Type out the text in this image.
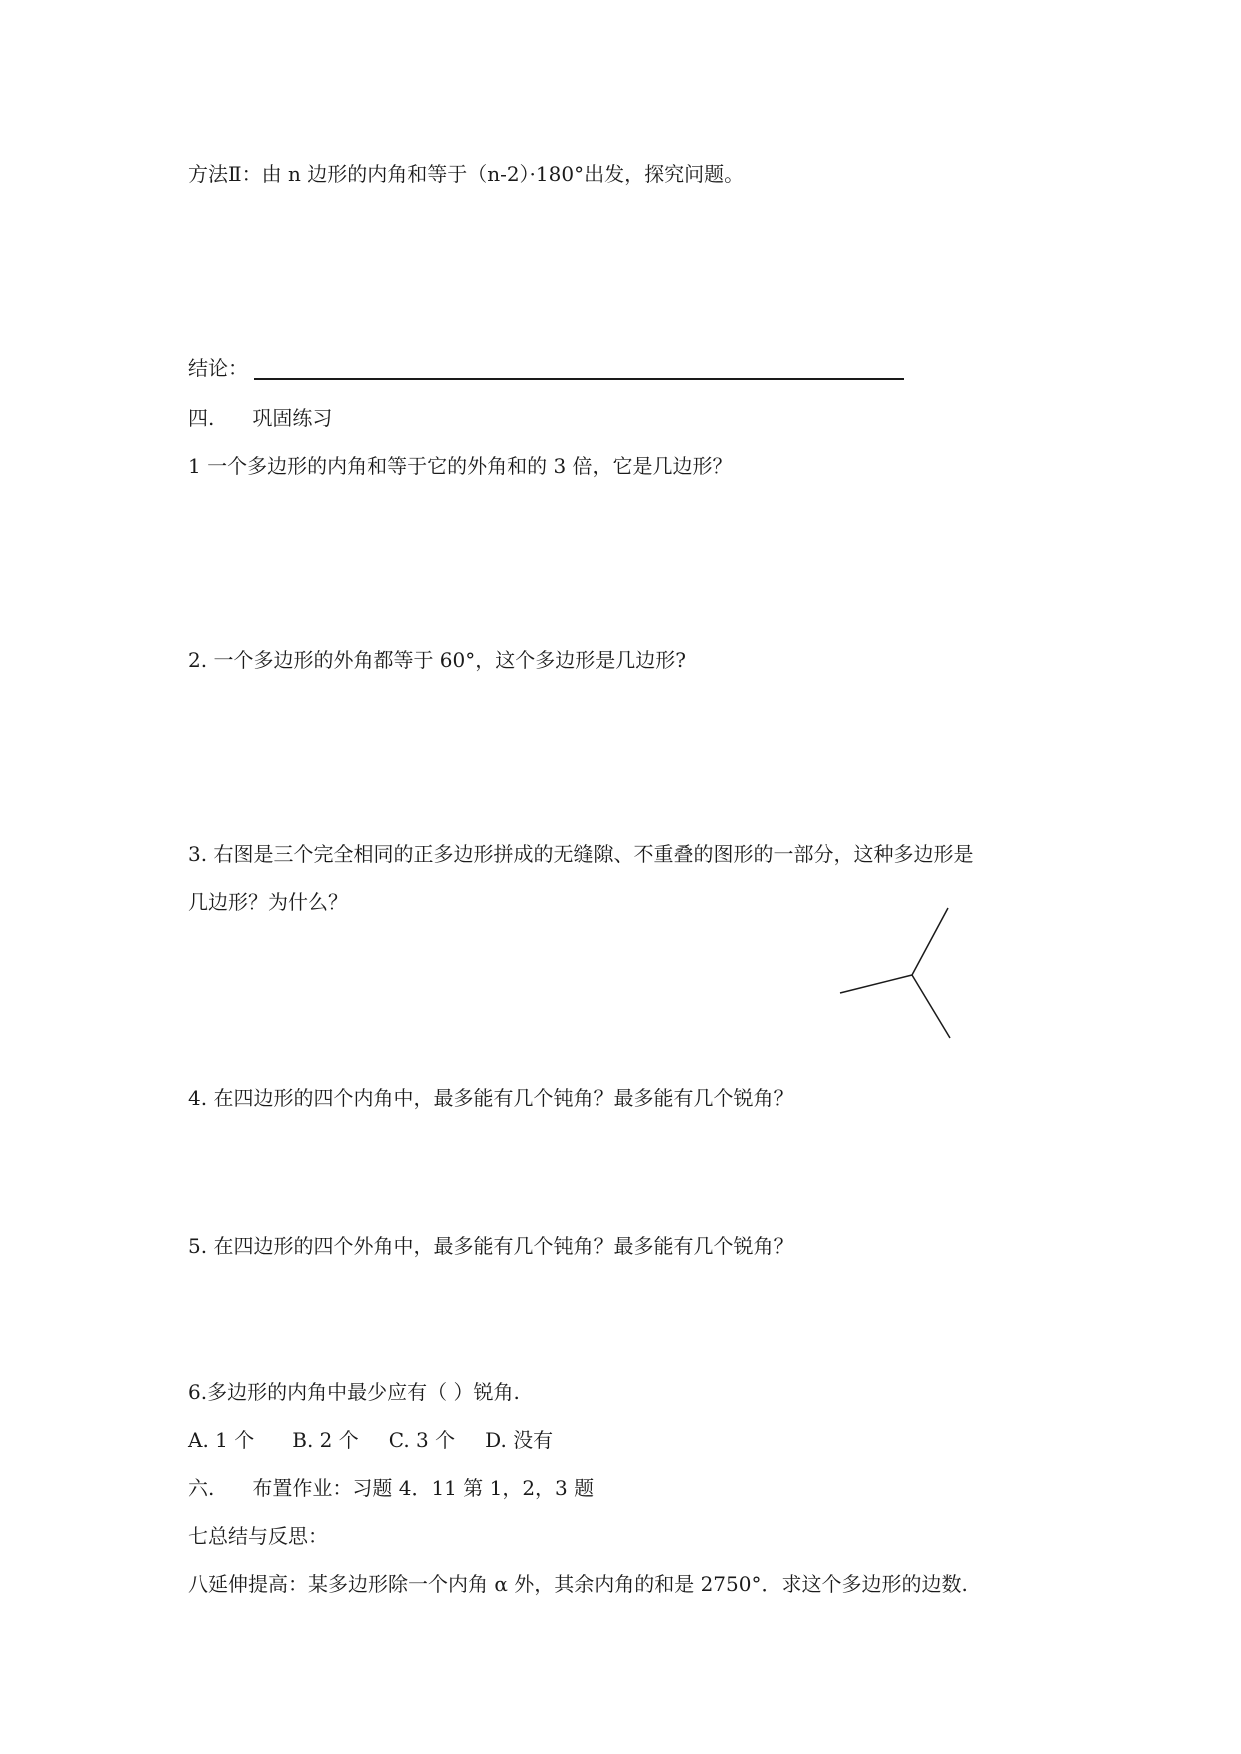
方法Ⅱ：由 n 边形的内角和等于（n-2）·180°出发，探究问题。
结论：
四. 巩固练习
1 一个多边形的内角和等于它的外角和的 3 倍，它是几边形？
2. 一个多边形的外角都等于 60°，这个多边形是几边形?
3. 右图是三个完全相同的正多边形拼成的无缝隙、不重叠的图形的一部分，这种多边形是
几边形？为什么？
4. 在四边形的四个内角中，最多能有几个钝角？最多能有几个锐角？
5. 在四边形的四个外角中，最多能有几个钝角？最多能有几个锐角？
6.多边形的内角中最少应有（ ）锐角.
A. 1 个 B. 2 个 C. 3 个 D. 没有
六. 布置作业：习题 4．11 第 1，2，3 题
七总结与反思：
八延伸提高：某多边形除一个内角 α 外，其余内角的和是 2750°．求这个多边形的边数.
